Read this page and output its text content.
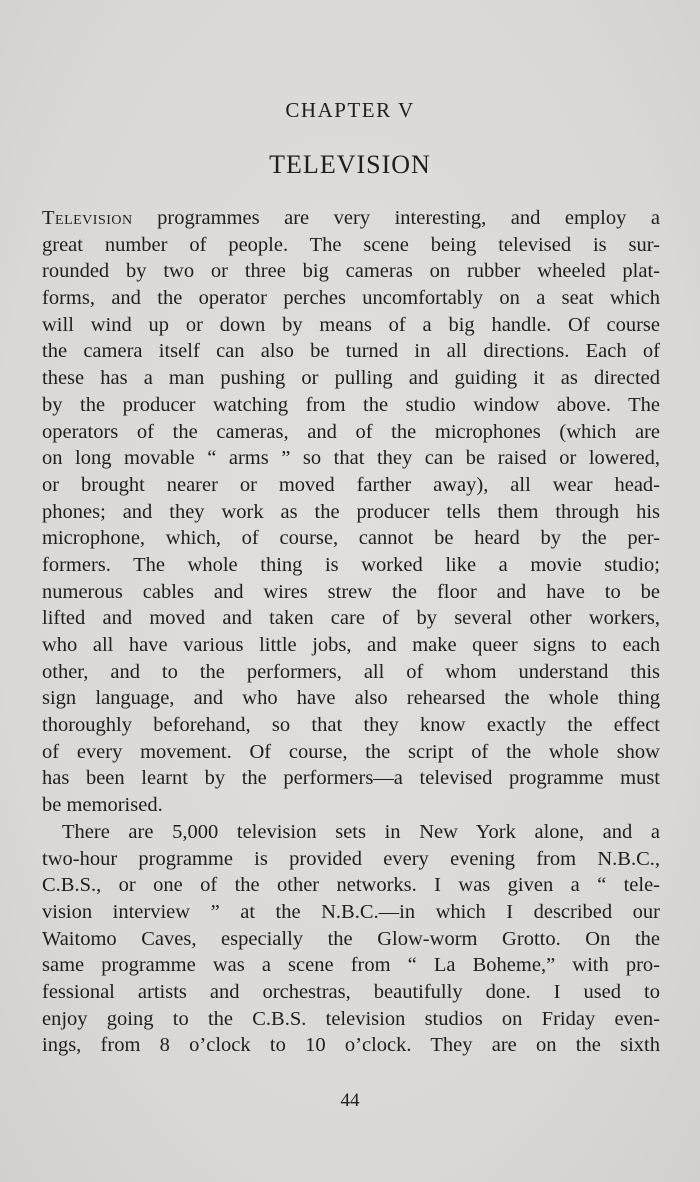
CHAPTER V
TELEVISION
Television programmes are very interesting, and employ a
great number of people. The scene being televised is sur-
rounded by two or three big cameras on rubber wheeled plat-
forms, and the operator perches uncomfortably on a seat which
will wind up or down by means of a big handle. Of course
the camera itself can also be turned in all directions. Each of
these has a man pushing or pulling and guiding it as directed
by the producer watching from the studio window above. The
operators of the cameras, and of the microphones (which are
on long movable “ arms ” so that they can be raised or lowered,
or brought nearer or moved farther away), all wear head-
phones; and they work as the producer tells them through his
microphone, which, of course, cannot be heard by the per-
formers. The whole thing is worked like a movie studio;
numerous cables and wires strew the floor and have to be
lifted and moved and taken care of by several other workers,
who all have various little jobs, and make queer signs to each
other, and to the performers, all of whom understand this
sign language, and who have also rehearsed the whole thing
thoroughly beforehand, so that they know exactly the effect
of every movement. Of course, the script of the whole show
has been learnt by the performers—a televised programme must
be memorised.
There are 5,000 television sets in New York alone, and a
two-hour programme is provided every evening from N.B.C.,
C.B.S., or one of the other networks. I was given a “ tele-
vision interview ” at the N.B.C.—in which I described our
Waitomo Caves, especially the Glow-worm Grotto. On the
same programme was a scene from “ La Boheme,” with pro-
fessional artists and orchestras, beautifully done. I used to
enjoy going to the C.B.S. television studios on Friday even-
ings, from 8 o’clock to 10 o’clock. They are on the sixth
44
